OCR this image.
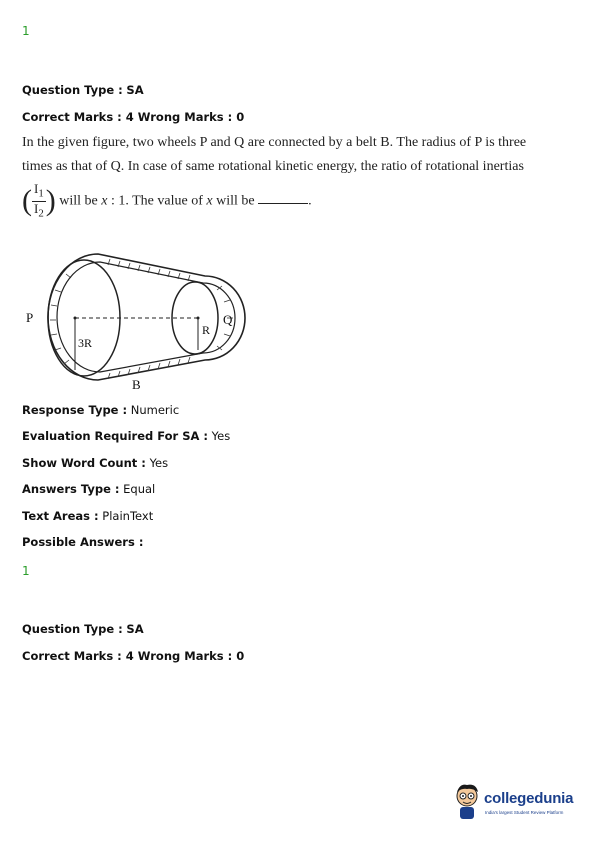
1
Question Type : SA
Correct Marks : 4 Wrong Marks : 0
In the given figure, two wheels P and Q are connected by a belt B. The radius of P is three
times as that of Q. In case of same rotational kinetic energy, the ratio of rotational inertias
( $\frac{I_1}{I_2}$ ) will be x : 1. The value of x will be	.
P	Q
3R
R
B
Response Type : Numeric
Evaluation Required For SA : Yes
Show Word Count : Yes
Answers Type : Equal
Text Areas : PlainText
Possible Answers :
1
Question Type : SA
Correct Marks : 4 Wrong Marks : 0
collegedunia
India's largest Student Review Platform
